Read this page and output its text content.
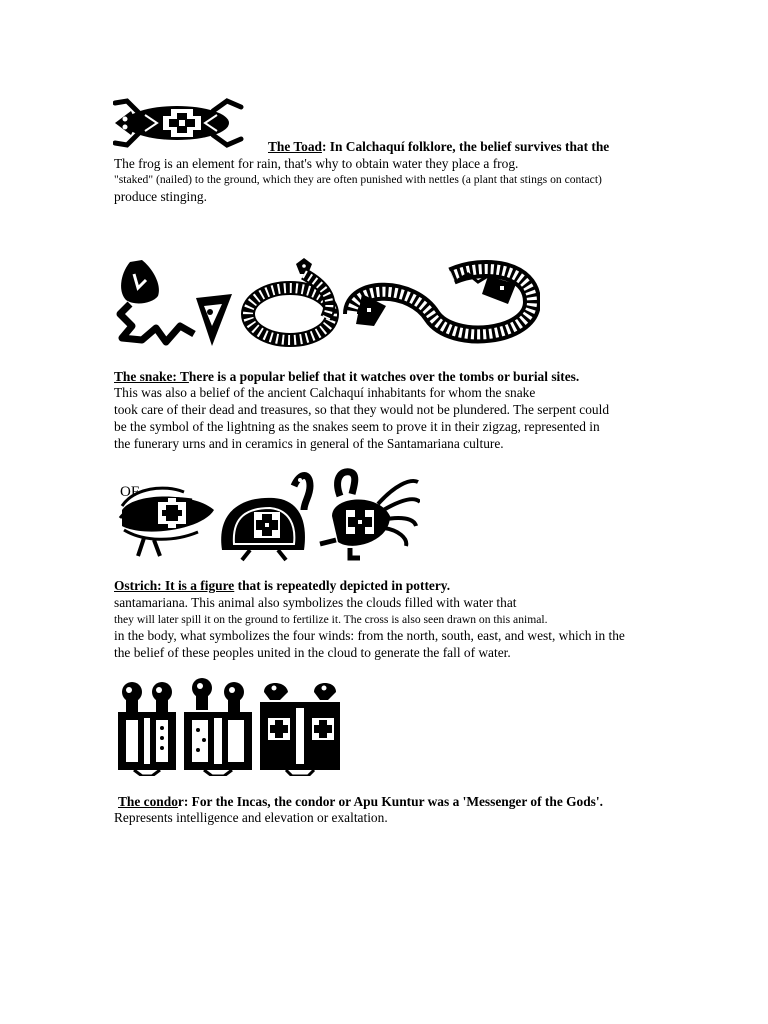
The Toad: In Calchaquí folklore, the belief survives that the
The frog is an element for rain, that's why to obtain water they place a frog.
"staked" (nailed) to the ground, which they are often punished with nettles (a plant that stings on contact)
produce stinging.
The snake: There is a popular belief that it watches over the tombs or burial sites.
This was also a belief of the ancient Calchaquí inhabitants for whom the snake
took care of their dead and treasures, so that they would not be plundered. The serpent could
be the symbol of the lightning as the snakes seem to prove it in their zigzag, represented in
the funerary urns and in ceramics in general of the Santamariana culture.
OF
Ostrich: It is a figure that is repeatedly depicted in pottery.
santamariana. This animal also symbolizes the clouds filled with water that
they will later spill it on the ground to fertilize it. The cross is also seen drawn on this animal.
in the body, what symbolizes the four winds: from the north, south, east, and west, which in the
the belief of these peoples united in the cloud to generate the fall of water.
The condor: For the Incas, the condor or Apu Kuntur was a 'Messenger of the Gods'.
Represents intelligence and elevation or exaltation.
